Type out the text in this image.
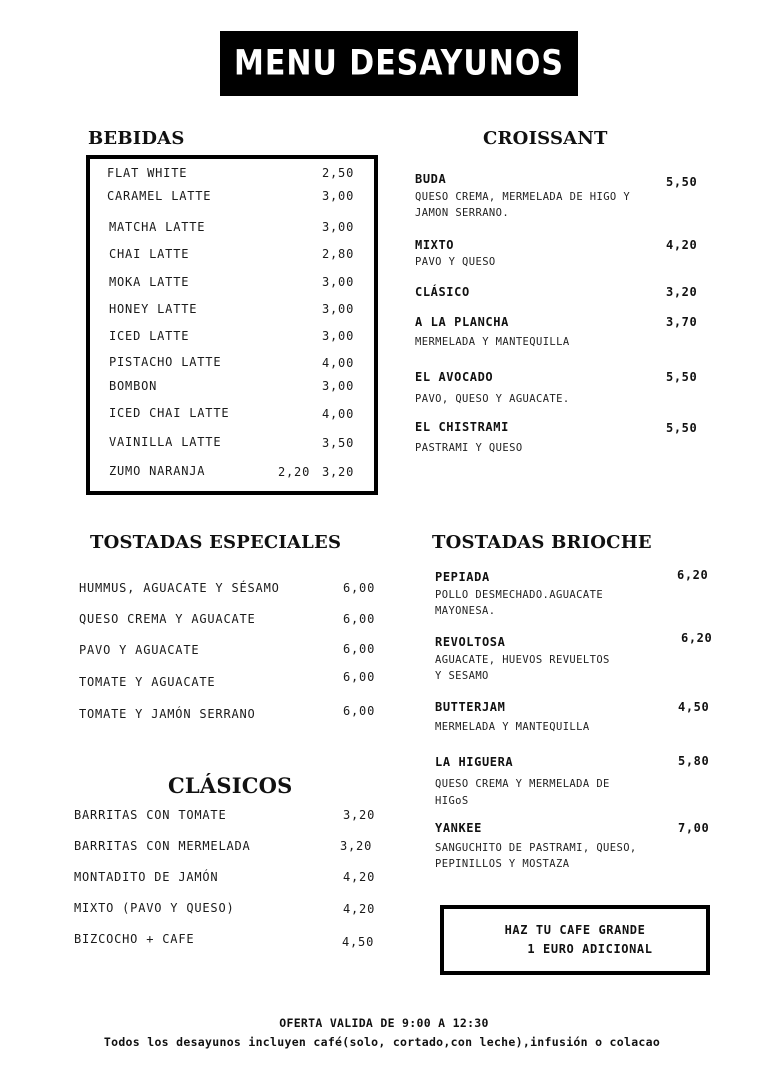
MENU DESAYUNOS
BEBIDAS
FLAT WHITE	2,50
CARAMEL LATTE	3,00
MATCHA LATTE	3,00
CHAI LATTE	2,80
MOKA LATTE	3,00
HONEY LATTE	3,00
ICED LATTE	3,00
PISTACHO LATTE	4,00
BOMBON	3,00
ICED CHAI LATTE	4,00
VAINILLA LATTE	3,50
ZUMO NARANJA	2,20 3,20
CROISSANT
BUDA
QUESO CREMA, MERMELADA DE HIGO Y
JAMON SERRANO.
5,50
MIXTO
PAVO Y QUESO
4,20
CLÁSICO	3,20
A LA PLANCHA
MERMELADA Y MANTEQUILLA
3,70
EL AVOCADO
PAVO, QUESO Y AGUACATE.
5,50
EL CHISTRAMI
PASTRAMI Y QUESO
5,50
TOSTADAS ESPECIALES
HUMMUS, AGUACATE Y SÉSAMO	6,00
QUESO CREMA Y AGUACATE	6,00
PAVO Y AGUACATE	6,00
TOMATE Y AGUACATE	6,00
TOMATE Y JAMÓN SERRANO	6,00
CLÁSICOS
BARRITAS CON TOMATE	3,20
BARRITAS CON MERMELADA	3,20
MONTADITO DE JAMÓN	4,20
MIXTO (PAVO Y QUESO)	4,20
BIZCOCHO + CAFE	4,50
TOSTADAS BRIOCHE
PEPIADA
POLLO DESMECHADO.AGUACATE
MAYONESA.
6,20
REVOLTOSA
AGUACATE, HUEVOS REVUELTOS
Y SESAMO
6,20
BUTTERJAM
MERMELADA Y MANTEQUILLA
4,50
LA HIGUERA
QUESO CREMA Y MERMELADA DE
HIGoS
5,80
YANKEE
SANGUCHITO DE PASTRAMI, QUESO,
PEPINILLOS Y MOSTAZA
7,00
HAZ TU CAFE GRANDE
1 EURO ADICIONAL
OFERTA VALIDA DE 9:00 A 12:30
Todos los desayunos incluyen café(solo, cortado,con leche),infusión o colacao
